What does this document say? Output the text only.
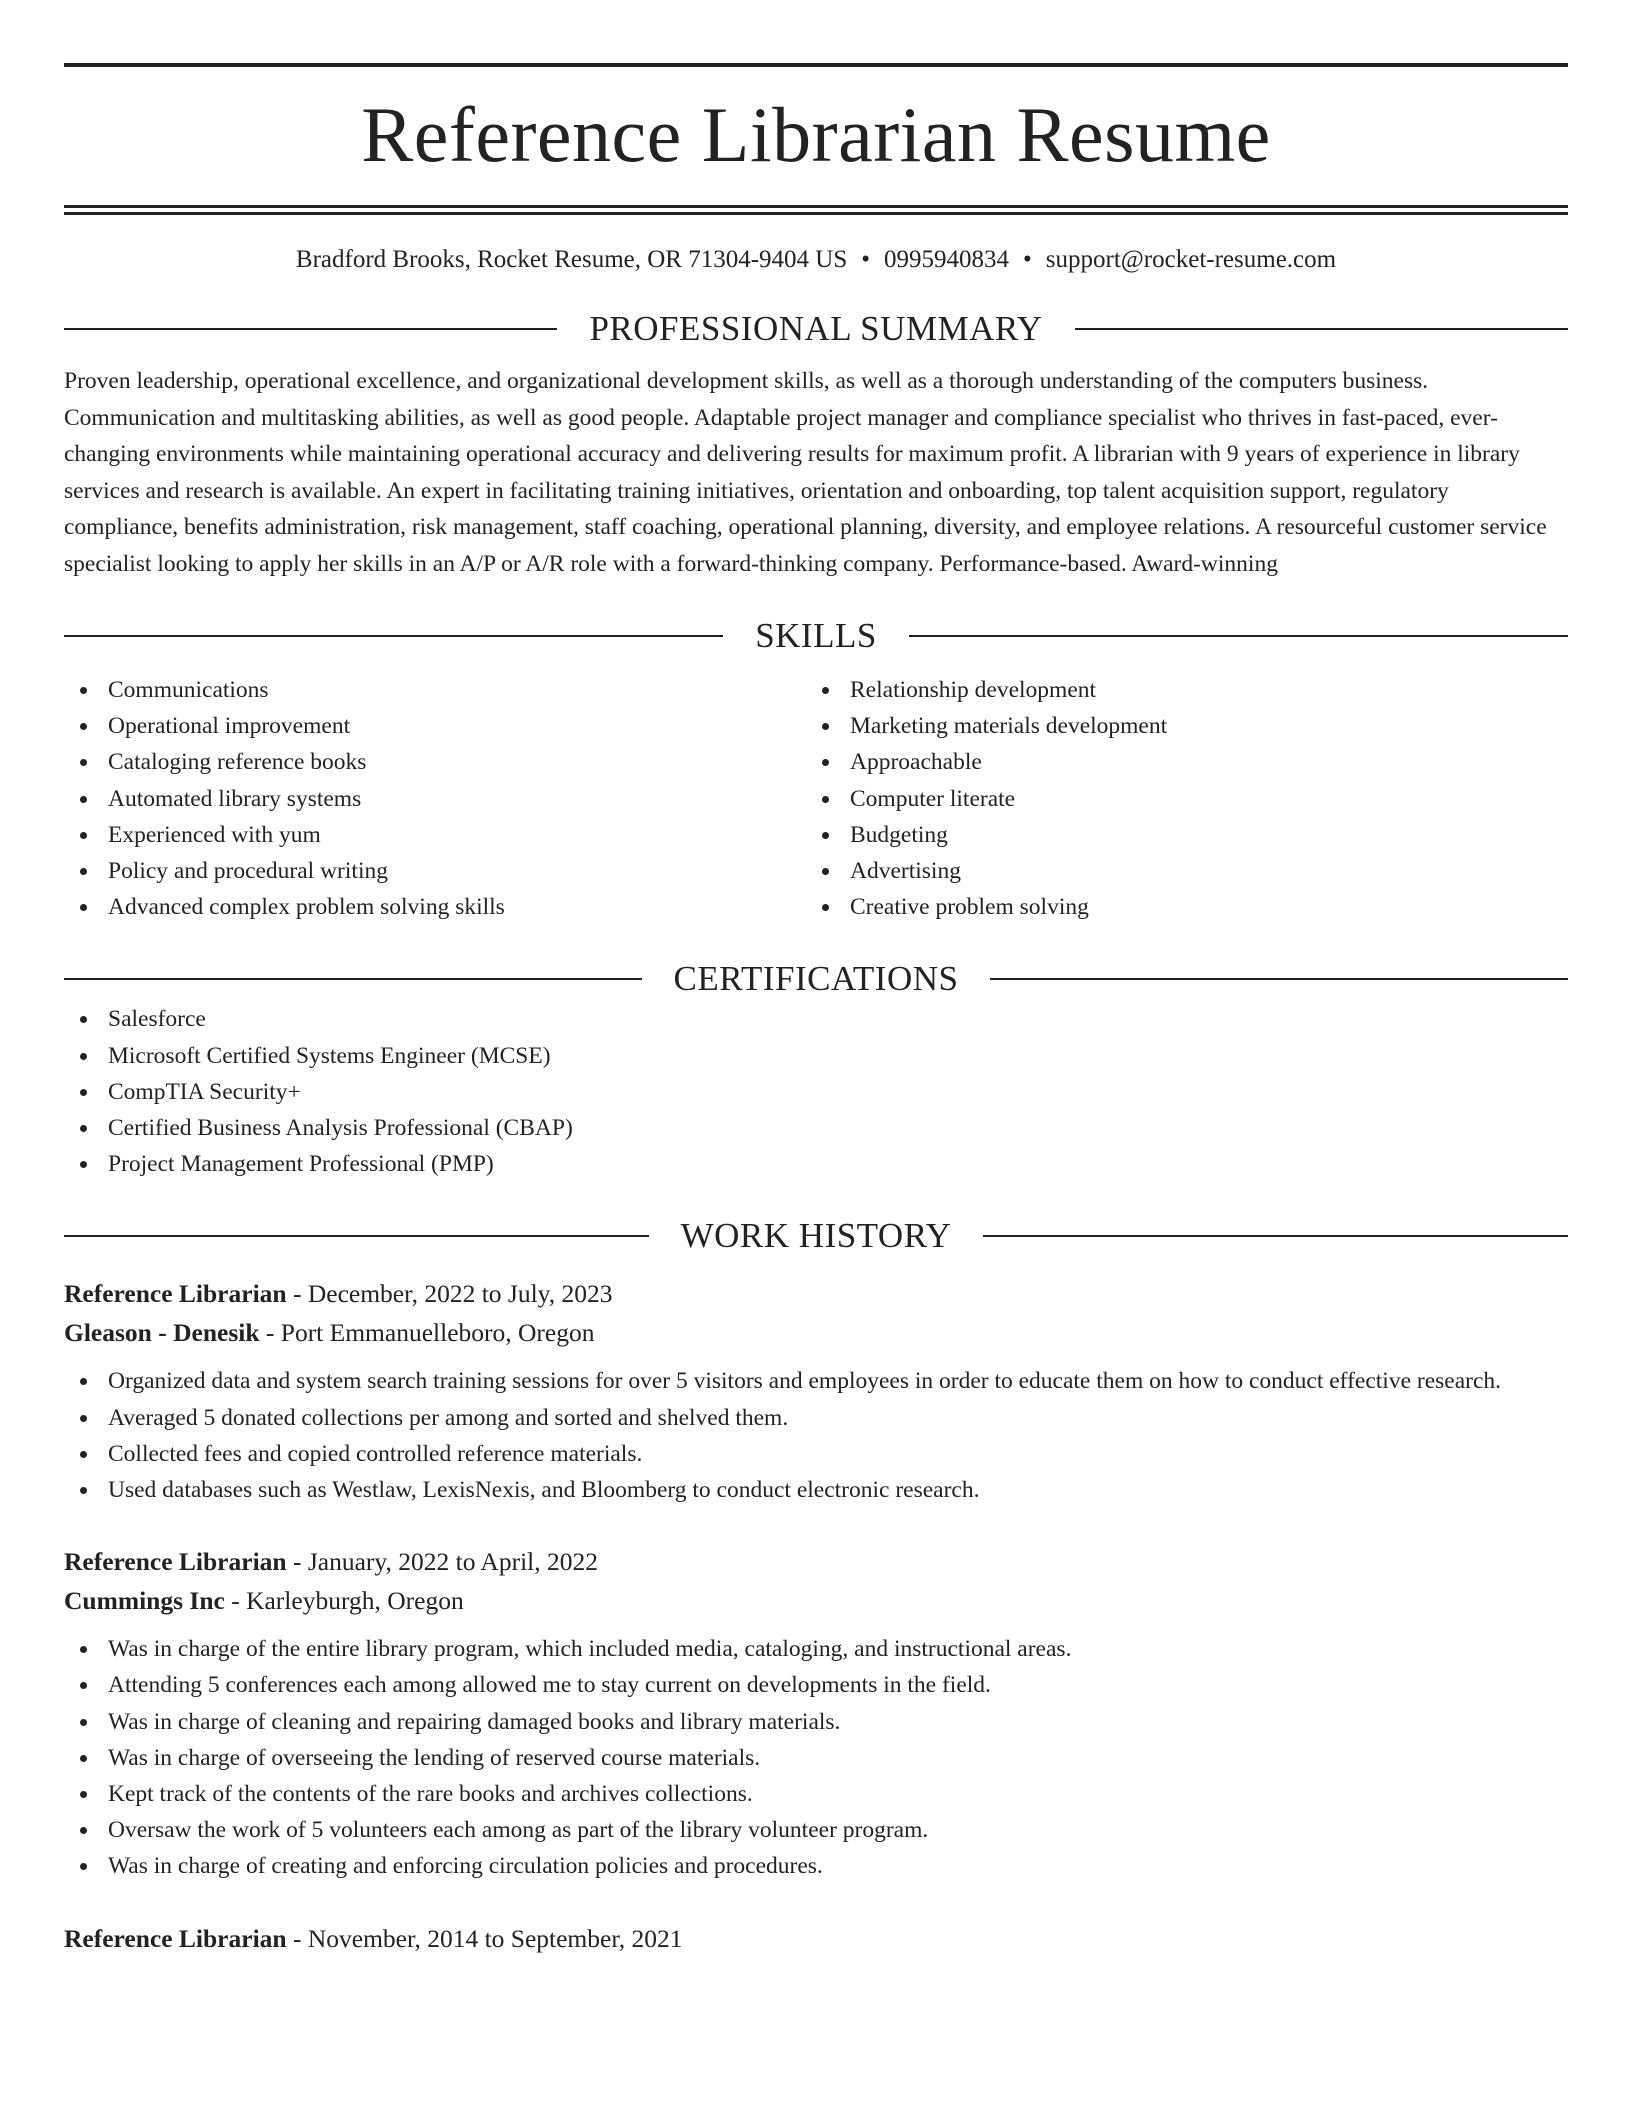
Reference Librarian Resume
Bradford Brooks, Rocket Resume, OR 71304-9404 US • 0995940834 • support@rocket-resume.com
PROFESSIONAL SUMMARY
Proven leadership, operational excellence, and organizational development skills, as well as a thorough understanding of the computers business. Communication and multitasking abilities, as well as good people. Adaptable project manager and compliance specialist who thrives in fast-paced, ever-changing environments while maintaining operational accuracy and delivering results for maximum profit. A librarian with 9 years of experience in library services and research is available. An expert in facilitating training initiatives, orientation and onboarding, top talent acquisition support, regulatory compliance, benefits administration, risk management, staff coaching, operational planning, diversity, and employee relations. A resourceful customer service specialist looking to apply her skills in an A/P or A/R role with a forward-thinking company. Performance-based. Award-winning
SKILLS
Communications
Operational improvement
Cataloging reference books
Automated library systems
Experienced with yum
Policy and procedural writing
Advanced complex problem solving skills
Relationship development
Marketing materials development
Approachable
Computer literate
Budgeting
Advertising
Creative problem solving
CERTIFICATIONS
Salesforce
Microsoft Certified Systems Engineer (MCSE)
CompTIA Security+
Certified Business Analysis Professional (CBAP)
Project Management Professional (PMP)
WORK HISTORY
Reference Librarian - December, 2022 to July, 2023
Gleason - Denesik - Port Emmanuelleboro, Oregon
Organized data and system search training sessions for over 5 visitors and employees in order to educate them on how to conduct effective research.
Averaged 5 donated collections per among and sorted and shelved them.
Collected fees and copied controlled reference materials.
Used databases such as Westlaw, LexisNexis, and Bloomberg to conduct electronic research.
Reference Librarian - January, 2022 to April, 2022
Cummings Inc - Karleyburgh, Oregon
Was in charge of the entire library program, which included media, cataloging, and instructional areas.
Attending 5 conferences each among allowed me to stay current on developments in the field.
Was in charge of cleaning and repairing damaged books and library materials.
Was in charge of overseeing the lending of reserved course materials.
Kept track of the contents of the rare books and archives collections.
Oversaw the work of 5 volunteers each among as part of the library volunteer program.
Was in charge of creating and enforcing circulation policies and procedures.
Reference Librarian - November, 2014 to September, 2021
